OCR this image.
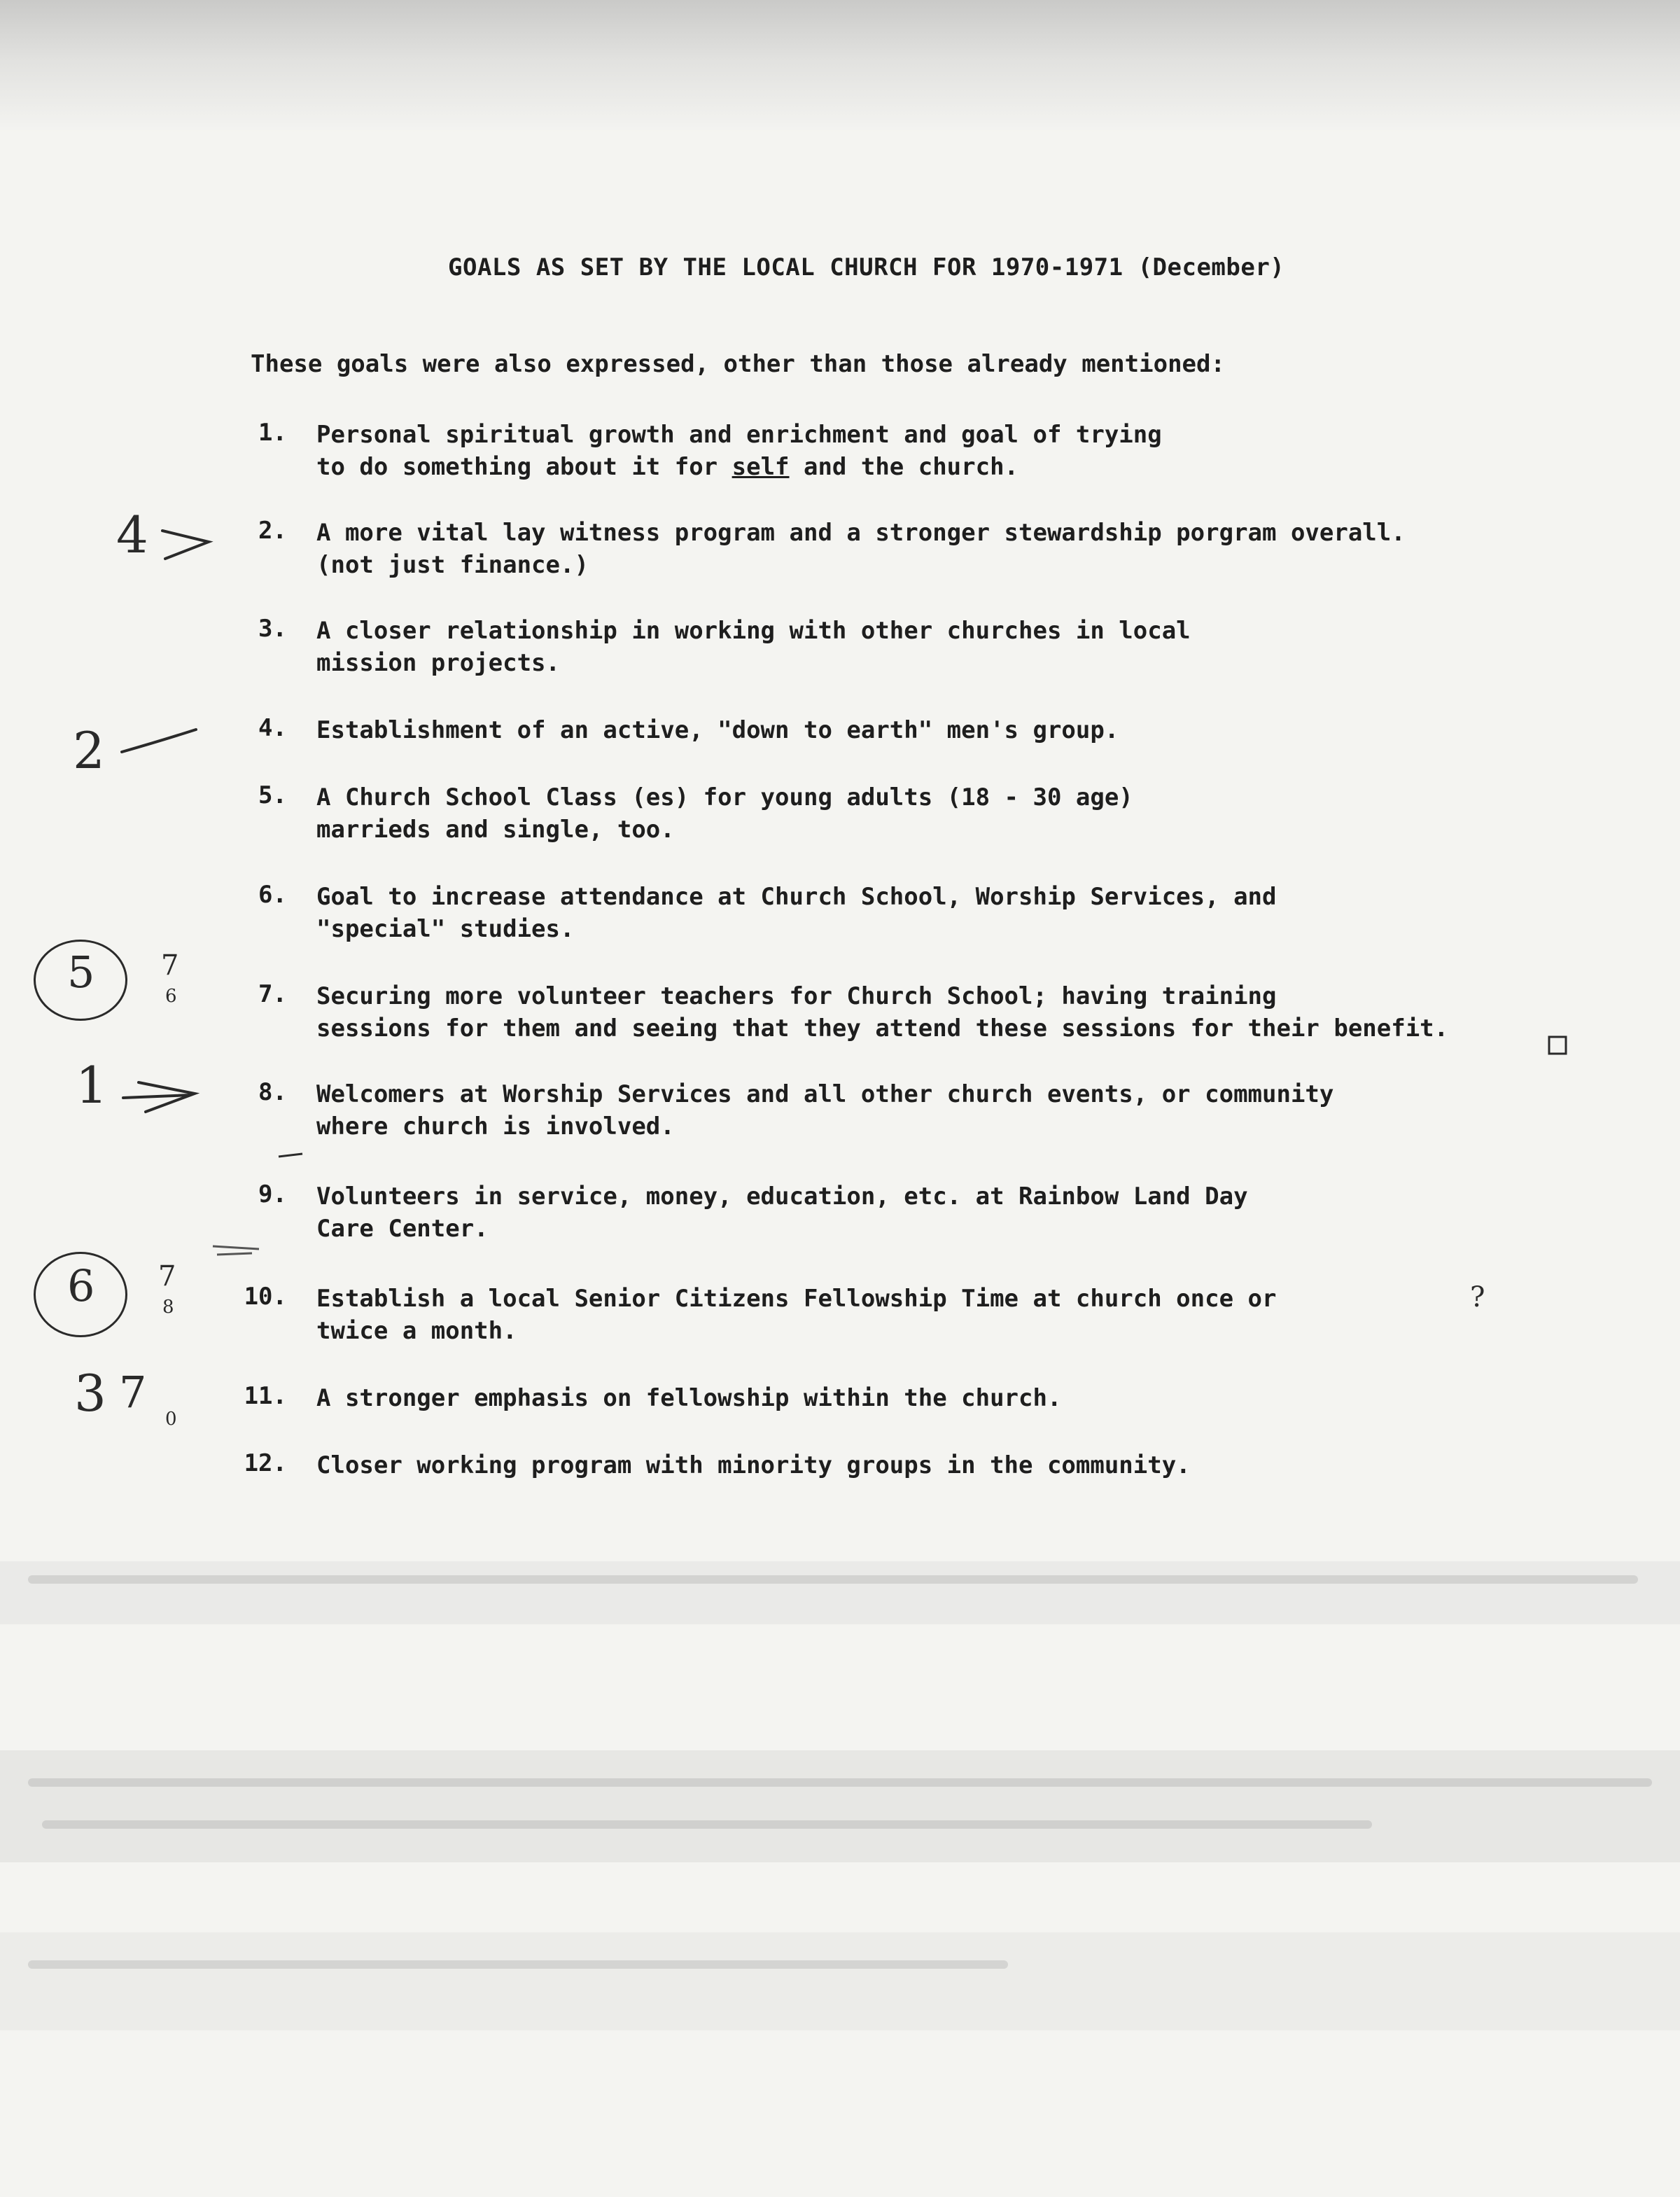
GOALS AS SET BY THE LOCAL CHURCH FOR 1970-1971 (December)
These goals were also expressed, other than those already mentioned:
1. Personal spiritual growth and enrichment and goal of trying
to do something about it for self and the church.
2. A more vital lay witness program and a stronger stewardship porgram overall.
(not just finance.)
3. A closer relationship in working with other churches in local
mission projects.
4. Establishment of an active, "down to earth" men's group.
5. A Church School Class (es) for young adults (18 - 30 age)
marrieds and single, too.
6. Goal to increase attendance at Church School, Worship Services, and
"special" studies.
7. Securing more volunteer teachers for Church School; having training
sessions for them and seeing that they attend these sessions for their benefit.
8. Welcomers at Worship Services and all other church events, or community
where church is involved.
9. Volunteers in service, money, education, etc. at Rainbow Land Day
Care Center.
10. Establish a local Senior Citizens Fellowship Time at church once or
twice a month.
11. A stronger emphasis on fellowship within the church.
12. Closer working program with minority groups in the community.
4
2
5 7
6
1
6 7
8	?
3 7
0
